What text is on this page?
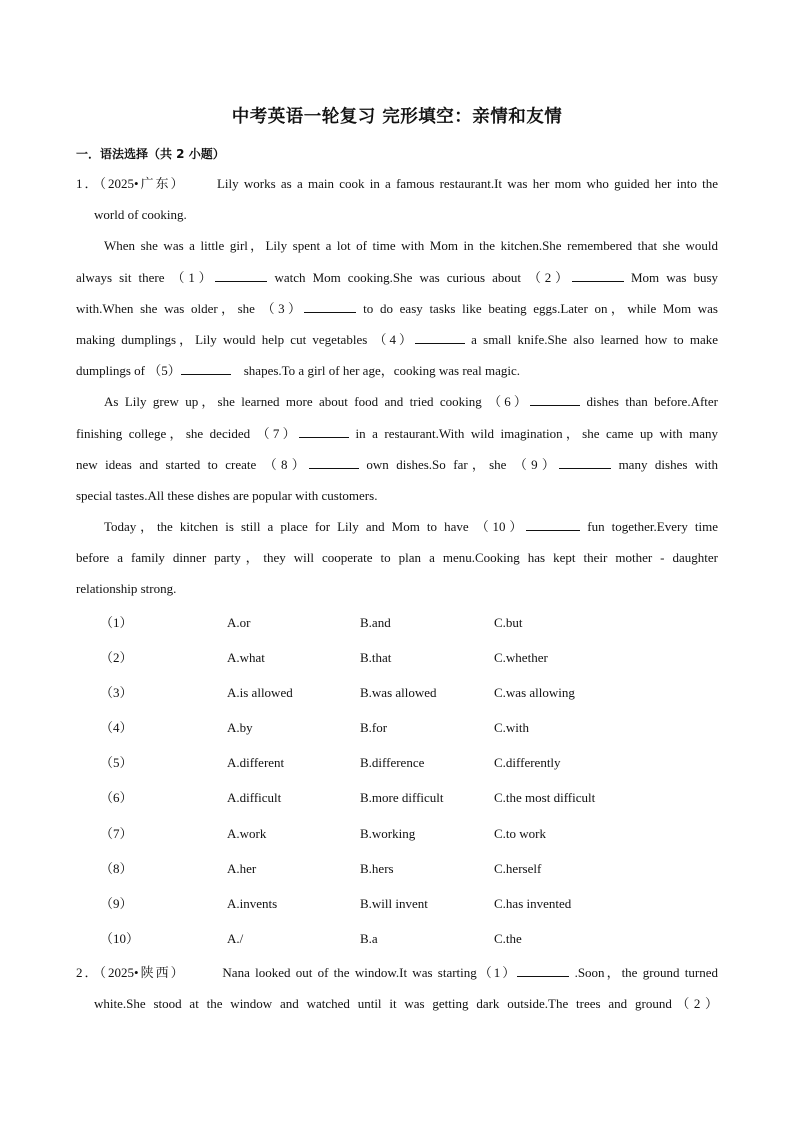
中考英语一轮复习 完形填空：亲情和友情
一．语法选择（共 2 小题）
1．（2025•广东） Lily works as a main cook in a famous restaurant.It was her mom who guided her into the
world of cooking.
When she was a little girl，Lily spent a lot of time with Mom in the kitchen.She remembered that she would
always sit there （1）	watch Mom cooking.She was curious about （2）	Mom was busy
with.When she was older，she （3）	to do easy tasks like beating eggs.Later on，while Mom was
making dumplings，Lily would help cut vegetables （4）	a small knife.She also learned how to make
dumplings of （5）	shapes.To a girl of her age，cooking was real magic.
As Lily grew up，she learned more about food and tried cooking （6）	dishes than before.After
finishing college，she decided （7）	in a restaurant.With wild imagination，she came up with many
new ideas and started to create （8）	own dishes.So far，she （9）	many dishes with
special tastes.All these dishes are popular with customers.
Today，the kitchen is still a place for Lily and Mom to have （10）	fun together.Every time
before a family dinner party，they will cooperate to plan a menu.Cooking has kept their mother - daughter
relationship strong.
（1）	A.or	B.and	C.but
（2）	A.what	B.that	C.whether
（3）	A.is allowed	B.was allowed	C.was allowing
（4）	A.by	B.for	C.with
（5）	A.different	B.difference	C.differently
（6）	A.difficult	B.more difficult	C.the most difficult
（7）	A.work	B.working	C.to work
（8）	A.her	B.hers	C.herself
（9）	A.invents	B.will invent	C.has invented
（10）	A./	B.a	C.the
2．（2025•陕西）	Nana looked out of the window.It was starting（1）	.Soon，the ground turned
white.She stood at the window and watched until it was getting dark outside.The trees and ground（2）
